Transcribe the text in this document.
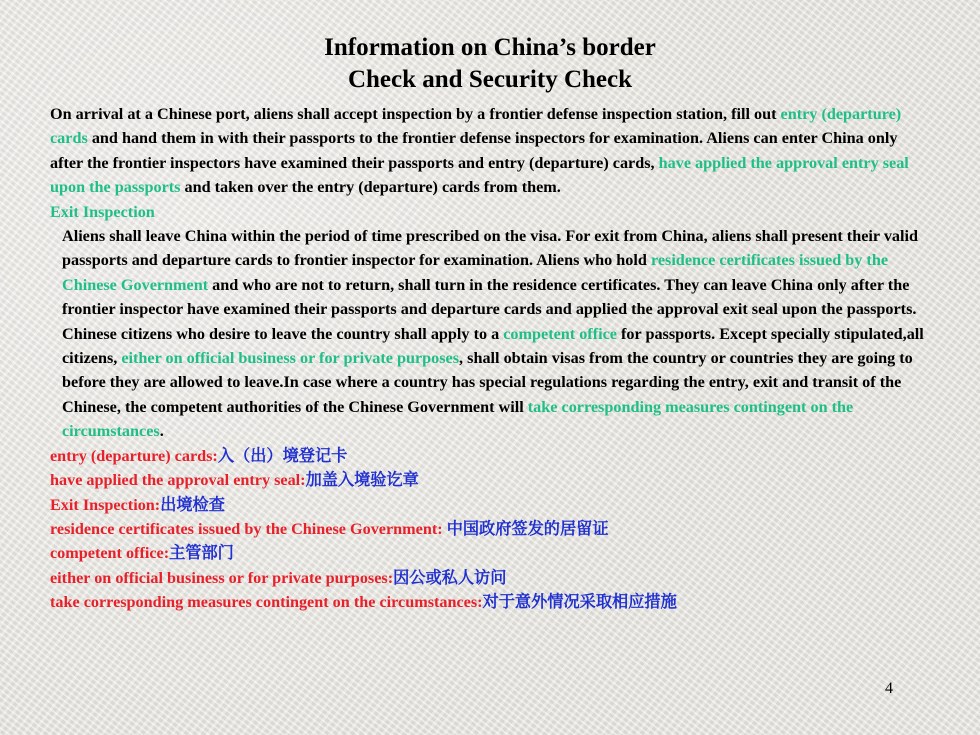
Information on China’s border
Check and Security Check

On arrival at a Chinese port, aliens shall accept inspection by a frontier defense inspection station, fill out entry (departure) cards and hand them in with their passports to the frontier defense inspectors for examination. Aliens can enter China only after the frontier inspectors have examined their passports and entry (departure) cards, have applied the approval entry seal upon the passports and taken over the entry (departure) cards from them.

Exit Inspection

Aliens shall leave China within the period of time prescribed on the visa. For exit from China, aliens shall present their valid passports and departure cards to frontier inspector for examination. Aliens who hold residence certificates issued by the Chinese Government and who are not to return, shall turn in the residence certificates. They can leave China only after the frontier inspector have examined their passports and departure cards and applied the approval exit seal upon the passports.

Chinese citizens who desire to leave the country shall apply to a competent office for passports. Except specially stipulated,all citizens, either on official business or for private purposes, shall obtain visas from the country or countries they are going to before they are allowed to leave.In case where a country has special regulations regarding the entry, exit and transit of the Chinese, the competent authorities of the Chinese Government will take corresponding measures contingent on the circumstances.

entry (departure) cards:入（出）境登记卡
have applied the approval entry seal:加盖入境验讫章
Exit Inspection:出境检查
residence certificates issued by the Chinese Government: 中国政府签发的居留证
competent office:主管部门
either on official business or for private purposes:因公或私人访问
take corresponding measures contingent on the circumstances:对于意外情况采取相应措施
4
